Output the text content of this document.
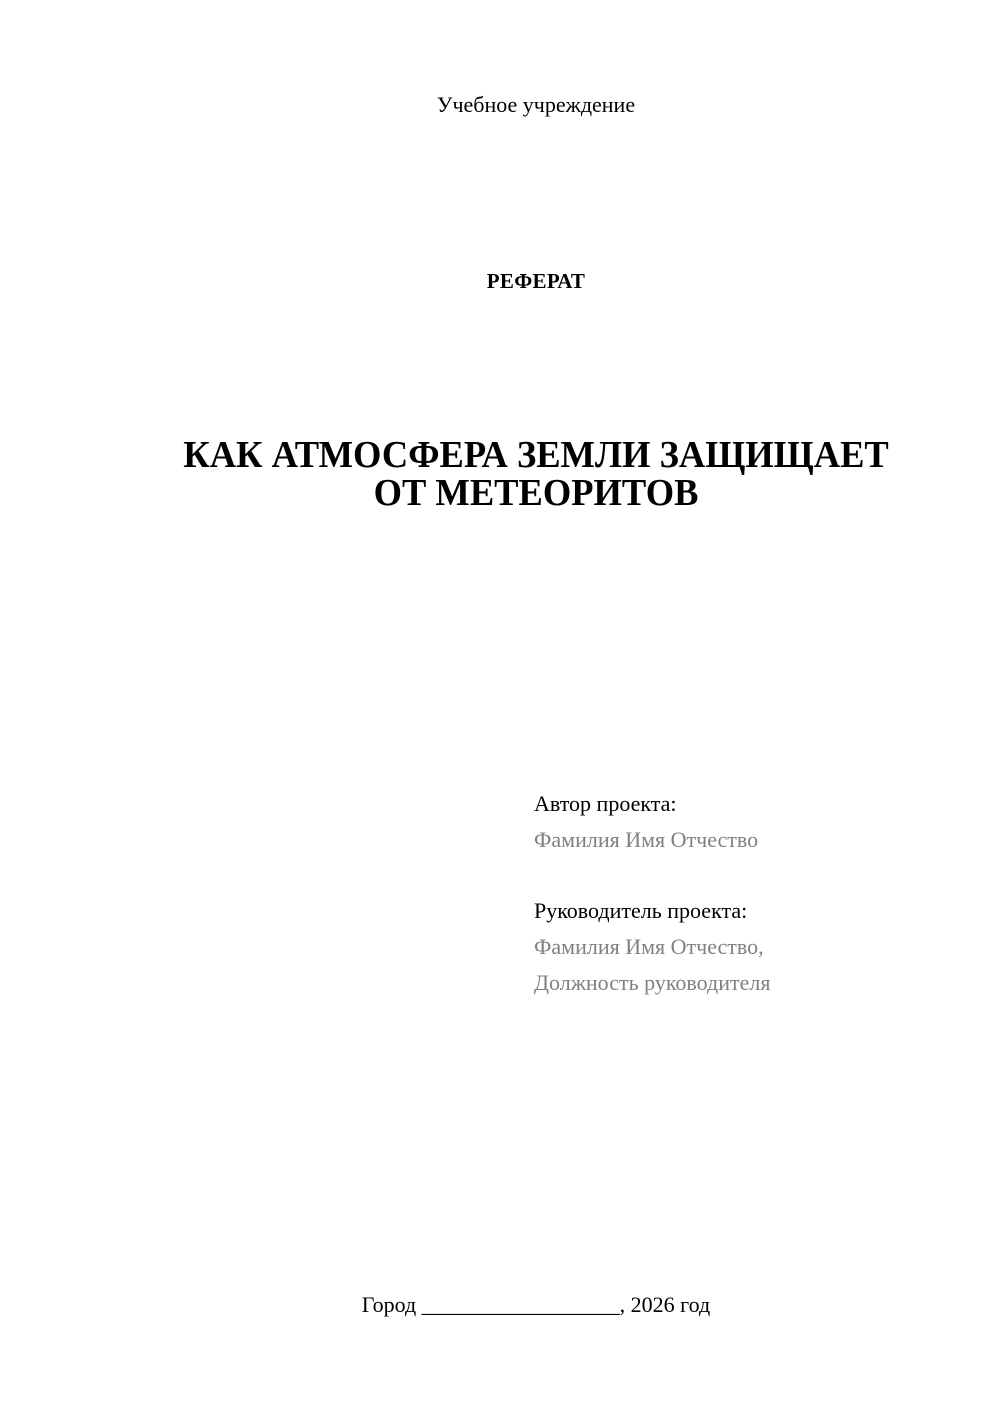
Учебное учреждение
РЕФЕРАТ
КАК АТМОСФЕРА ЗЕМЛИ ЗАЩИЩАЕТ
ОТ МЕТЕОРИТОВ
Автор проекта:
Фамилия Имя Отчество
Руководитель проекта:
Фамилия Имя Отчество,
Должность руководителя
Город __________________, 2026 год
